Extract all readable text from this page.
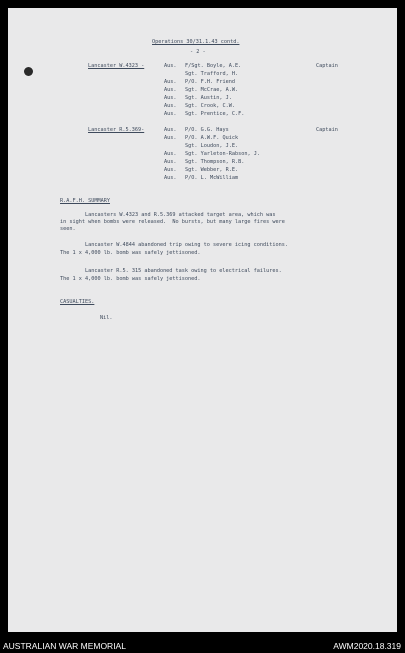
- 2 -
Operations 30/31.1.43 contd.
Lancaster W.4323 -	Aus. F/Sgt. Boyle, A.E.	Captain
Sgt. Trafford, H.
Aus. P/O. F.H. Friend
Aus. Sgt. McCrae, A.W.
Aus. Sgt. Austin, J.
Aus. Sgt. Crook, C.W.
Aus. Sgt. Prentice, C.F.
Lancaster R.5.369-	Aus. P/O. G.G. Hays	Captain
Aus. P/O. A.W.F. Quick
Sgt. Loudon, J.E.
Aus. Sgt. Yarleton-Rabson, J.
Aus. Sgt. Thompson, R.B.
Aus. Sgt. Webber, R.E.
Aus. P/O. L. McWilliam
R.A.F.H. SUMMARY
Lancasters W.4323 and R.5.369 attacked target area, which was
in sight when bombs were released.  No bursts, but many large fires were
seen.
Lancaster W.4844 abandoned trip owing to severe icing conditions.
The 1 x 4,000 lb. bomb was safely jettisoned.
Lancaster R.5. 315 abandoned task owing to electrical failures.
The 1 x 4,000 lb. bomb was safely jettisoned.
CASUALTIES.
Nil.
AUSTRALIAN WAR MEMORIAL	AWM2020.18.319
